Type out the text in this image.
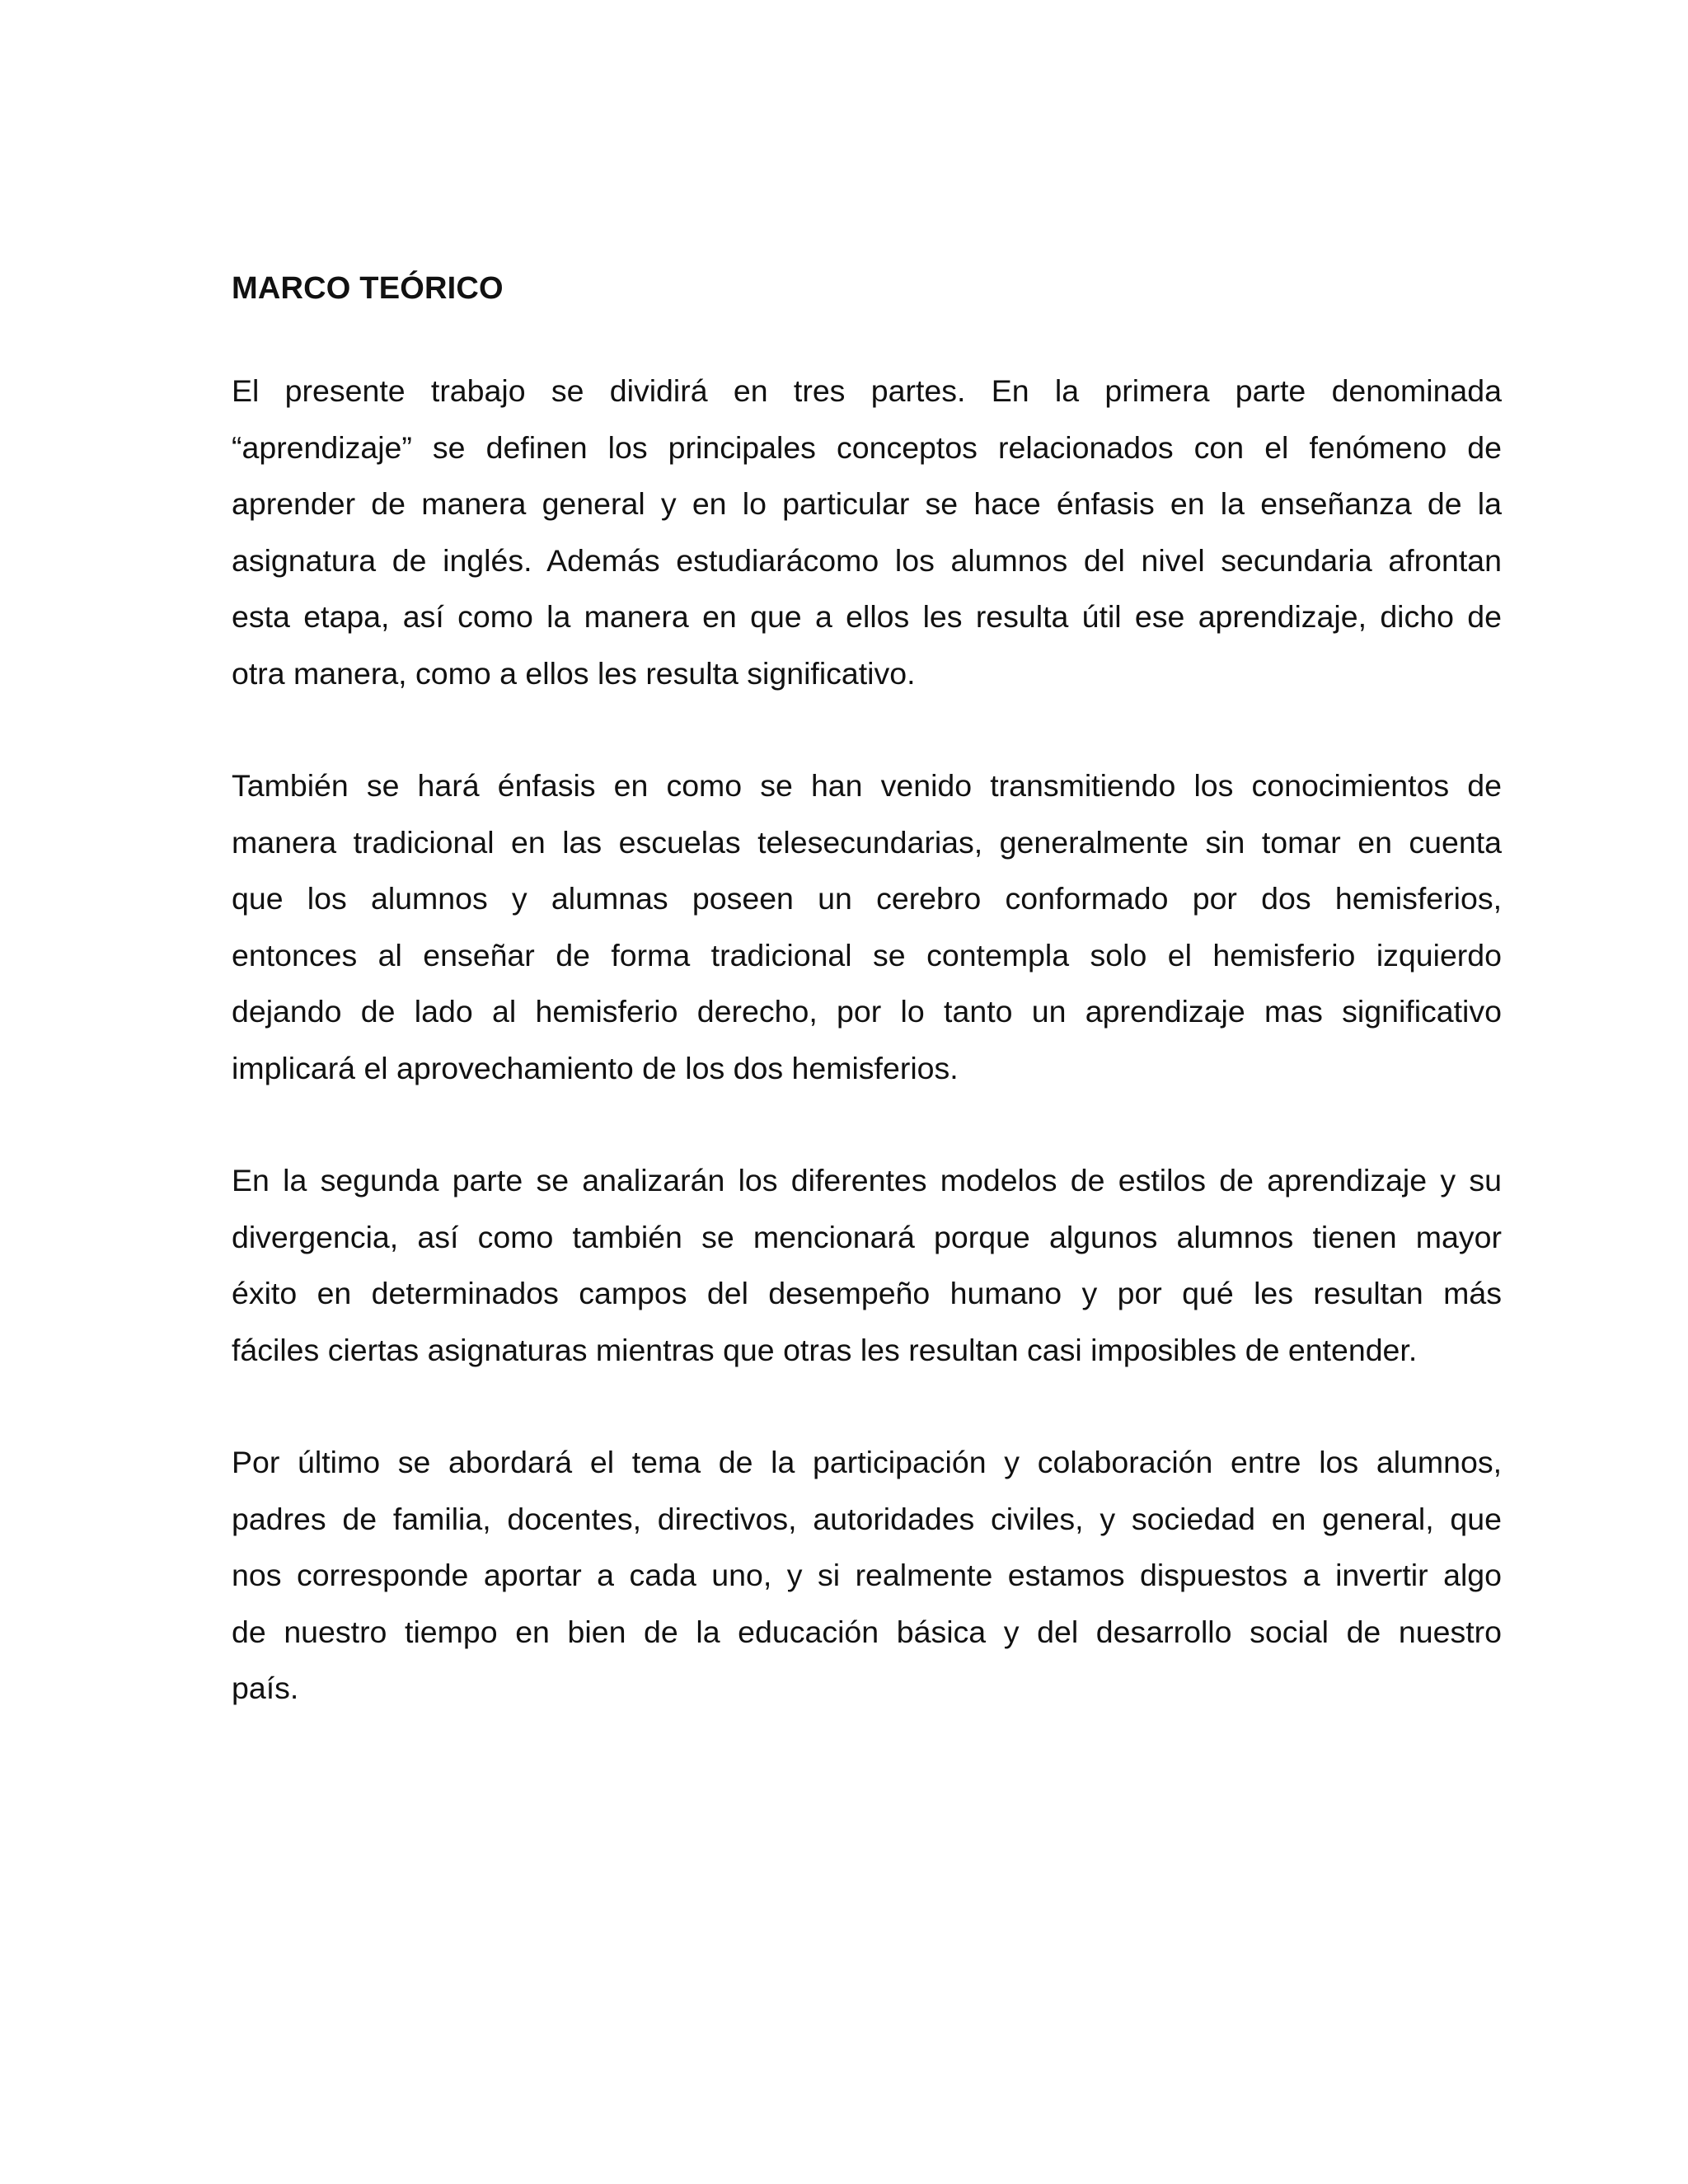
MARCO TEÓRICO
El presente trabajo se dividirá en tres partes. En la primera parte denominada
“aprendizaje” se definen los principales conceptos relacionados con el fenómeno de
aprender de manera general y en lo particular se hace énfasis en la enseñanza de la
asignatura de inglés. Además estudiarácomo los alumnos del nivel secundaria afrontan
esta etapa, así como la manera en que a ellos les resulta útil ese aprendizaje, dicho de
otra manera, como a ellos les resulta significativo.
También se hará énfasis en como se han venido transmitiendo los conocimientos de
manera tradicional en las escuelas telesecundarias, generalmente sin tomar en cuenta
que los alumnos y alumnas poseen un cerebro conformado por dos hemisferios,
entonces al enseñar de forma tradicional se contempla solo el hemisferio izquierdo
dejando de lado al hemisferio derecho, por lo tanto un aprendizaje mas significativo
implicará el aprovechamiento de los dos hemisferios.
En la segunda parte se analizarán los diferentes modelos de estilos de aprendizaje y su
divergencia, así como también se mencionará porque algunos alumnos tienen mayor
éxito en determinados campos del desempeño humano y por qué les resultan más
fáciles ciertas asignaturas mientras que otras les resultan casi imposibles de entender.
Por último se abordará el tema de la participación y colaboración entre los alumnos,
padres de familia, docentes, directivos, autoridades civiles, y sociedad en general, que
nos corresponde aportar a cada uno, y si realmente estamos dispuestos a invertir algo
de nuestro tiempo en bien de la educación básica y del desarrollo social de nuestro
país.
